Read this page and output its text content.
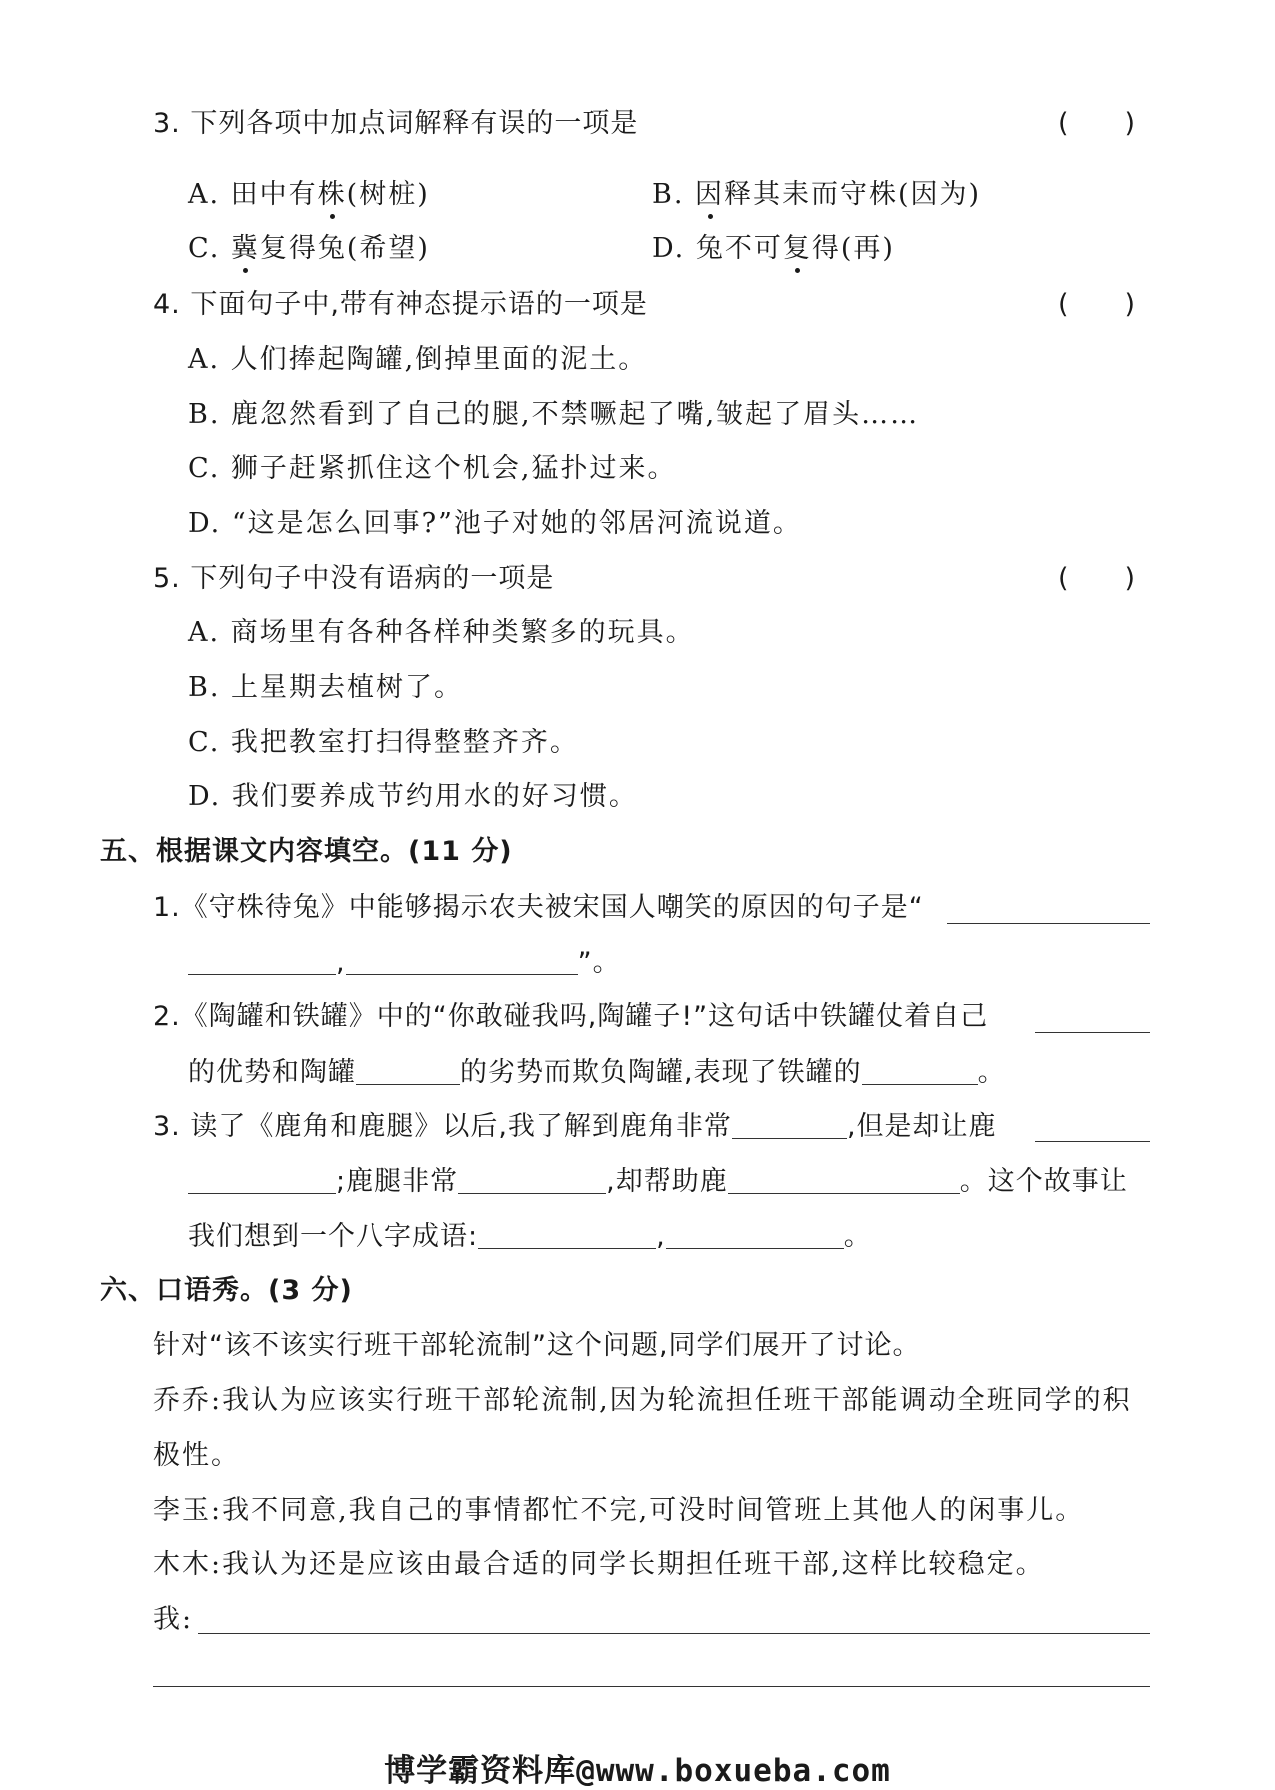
3. 下列各项中加点词解释有误的一项是	( )
A. 田中有株(树桩)	B. 因释其耒而守株(因为)
C. 冀复得兔(希望)	D. 兔不可复得(再)
4. 下面句子中,带有神态提示语的一项是	( )
A. 人们捧起陶罐,倒掉里面的泥土。
B. 鹿忽然看到了自己的腿,不禁噘起了嘴,皱起了眉头……
C. 狮子赶紧抓住这个机会,猛扑过来。
D. “这是怎么回事?”池子对她的邻居河流说道。
5. 下列句子中没有语病的一项是	( )
A. 商场里有各种各样种类繁多的玩具。
B. 上星期去植树了。
C. 我把教室打扫得整整齐齐。
D. 我们要养成节约用水的好习惯。
五、根据课文内容填空。(11 分)
1.《守株待兔》中能够揭示农夫被宋国人嘲笑的原因的句子是“
,	”。
2.《陶罐和铁罐》中的“你敢碰我吗,陶罐子!”这句话中铁罐仗着自己
的优势和陶罐	的劣势而欺负陶罐,表现了铁罐的	。
3. 读了《鹿角和鹿腿》以后,我了解到鹿角非常	,但是却让鹿
;鹿腿非常	,却帮助鹿	。这个故事让
我们想到一个八字成语:	,	。
六、口语秀。(3 分)
针对“该不该实行班干部轮流制”这个问题,同学们展开了讨论。
乔乔:我认为应该实行班干部轮流制,因为轮流担任班干部能调动全班同学的积
极性。
李玉:我不同意,我自己的事情都忙不完,可没时间管班上其他人的闲事儿。
木木:我认为还是应该由最合适的同学长期担任班干部,这样比较稳定。
我:
博学霸资料库@www.boxueba.com
